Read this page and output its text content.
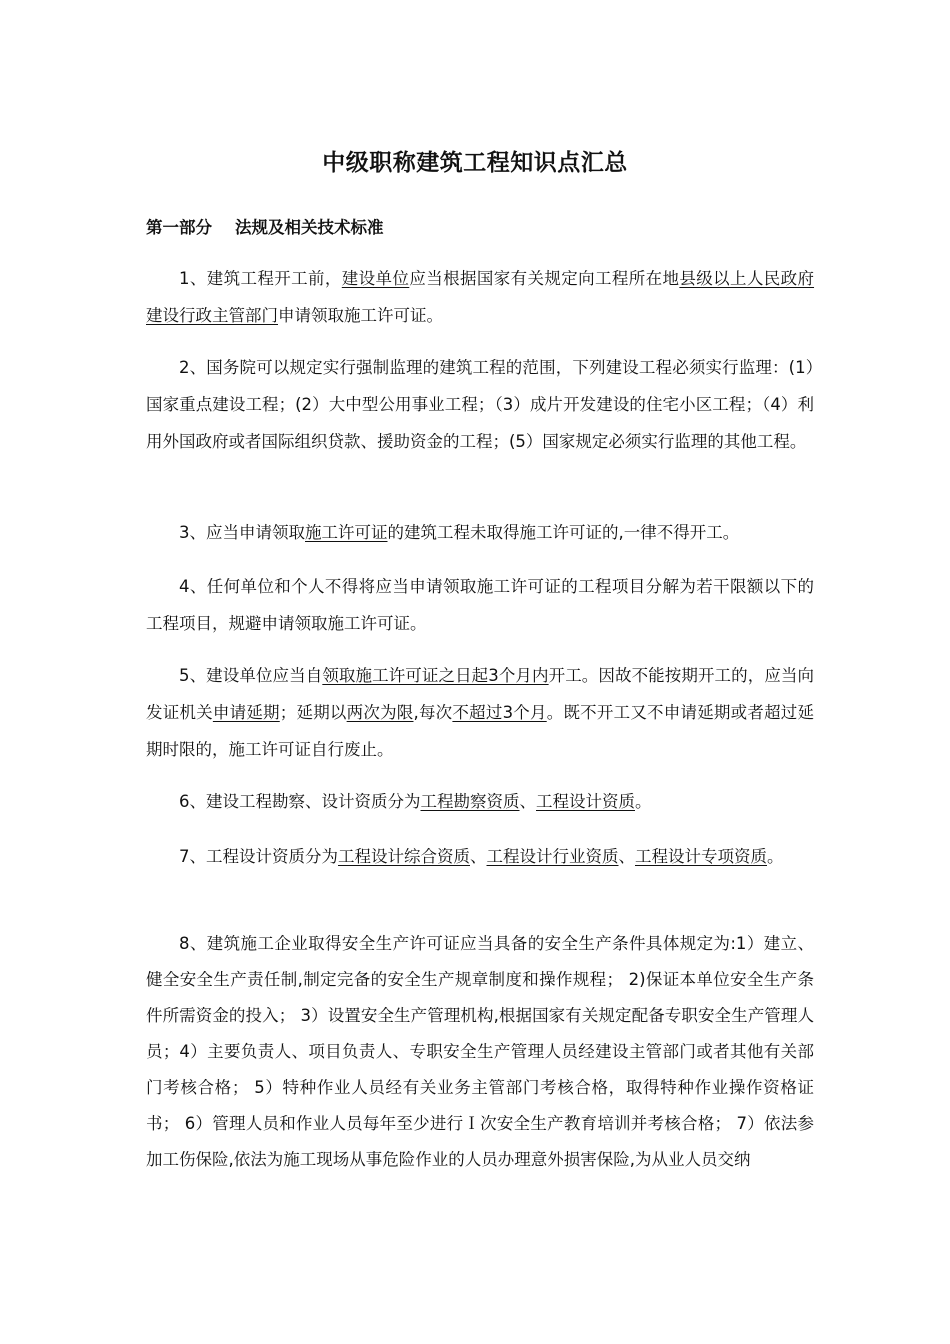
中级职称建筑工程知识点汇总
第一部分    法规及相关技术标准

1、建筑工程开工前，建设单位应当根据国家有关规定向工程所在地县级以上人民政府建设行政主管部门申请领取施工许可证。

2、国务院可以规定实行强制监理的建筑工程的范围，下列建设工程必须实行监理：(1）国家重点建设工程；(2）大中型公用事业工程；（3）成片开发建设的住宅小区工程；（4）利用外国政府或者国际组织贷款、援助资金的工程；(5）国家规定必须实行监理的其他工程。

3、应当申请领取施工许可证的建筑工程未取得施工许可证的,一律不得开工。

4、任何单位和个人不得将应当申请领取施工许可证的工程项目分解为若干限额以下的工程项目，规避申请领取施工许可证。

5、建设单位应当自领取施工许可证之日起3个月内开工。因故不能按期开工的，应当向发证机关申请延期；延期以两次为限,每次不超过3个月。既不开工又不申请延期或者超过延期时限的，施工许可证自行废止。

6、建设工程勘察、设计资质分为工程勘察资质、工程设计资质。

7、工程设计资质分为工程设计综合资质、工程设计行业资质、工程设计专项资质。

8、建筑施工企业取得安全生产许可证应当具备的安全生产条件具体规定为:1）建立、健全安全生产责任制,制定完备的安全生产规章制度和操作规程； 2)保证本单位安全生产条件所需资金的投入； 3）设置安全生产管理机构,根据国家有关规定配备专职安全生产管理人员；4）主要负责人、项目负责人、专职安全生产管理人员经建设主管部门或者其他有关部门考核合格； 5）特种作业人员经有关业务主管部门考核合格，取得特种作业操作资格证书； 6）管理人员和作业人员每年至少进行Ｉ次安全生产教育培训并考核合格； 7）依法参加工伤保险,依法为施工现场从事危险作业的人员办理意外损害保险,为从业人员交纳
